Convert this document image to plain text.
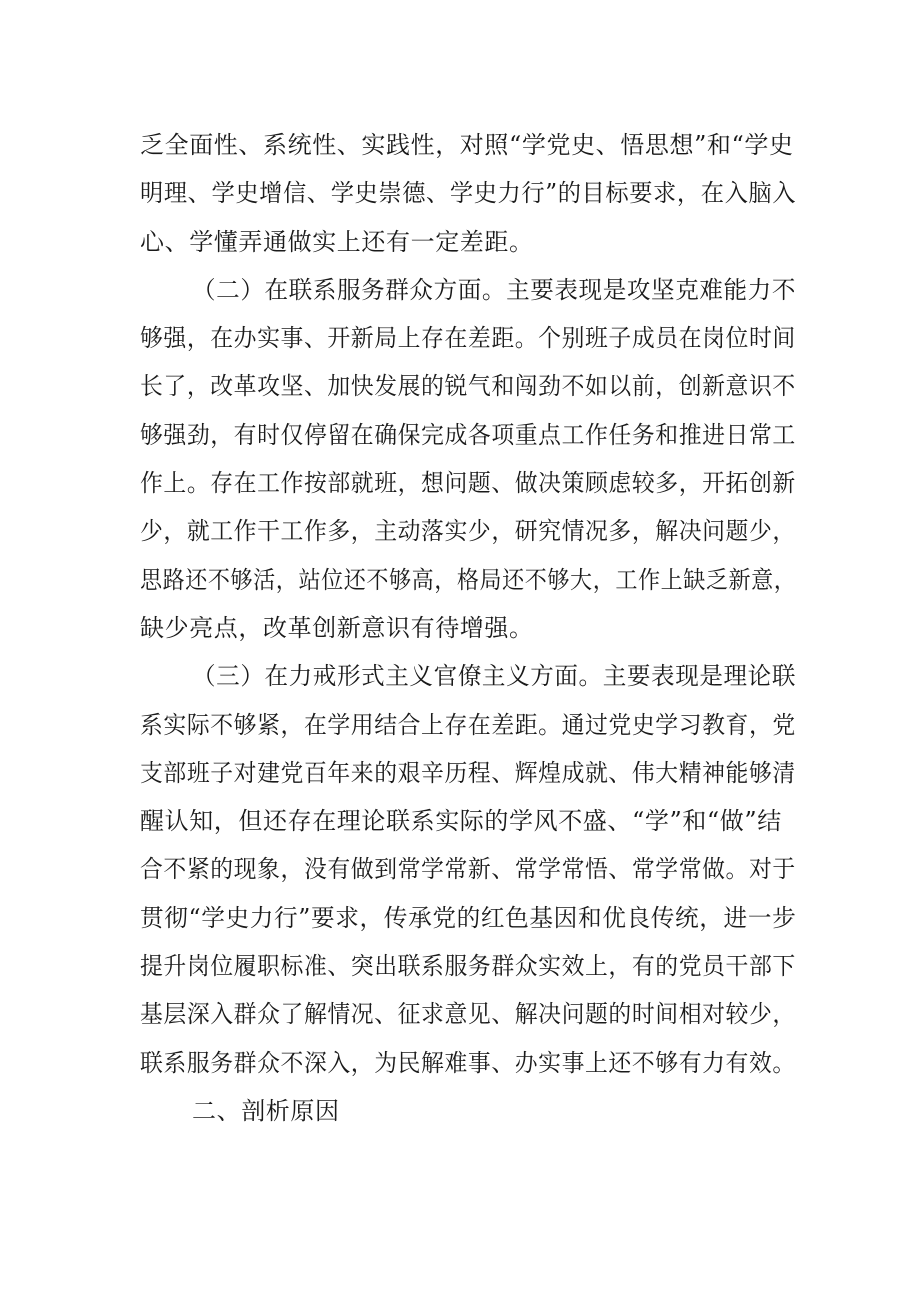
乏全面性、系统性、实践性，对照“学党史、悟思想”和“学史
明理、学史增信、学史崇德、学史力行”的目标要求，在入脑入
心、学懂弄通做实上还有一定差距。
（二）在联系服务群众方面。主要表现是攻坚克难能力不
够强，在办实事、开新局上存在差距。个别班子成员在岗位时间
长了，改革攻坚、加快发展的锐气和闯劲不如以前，创新意识不
够强劲，有时仅停留在确保完成各项重点工作任务和推进日常工
作上。存在工作按部就班，想问题、做决策顾虑较多，开拓创新
少，就工作干工作多，主动落实少，研究情况多，解决问题少，
思路还不够活，站位还不够高，格局还不够大，工作上缺乏新意，
缺少亮点，改革创新意识有待增强。
（三）在力戒形式主义官僚主义方面。主要表现是理论联
系实际不够紧，在学用结合上存在差距。通过党史学习教育，党
支部班子对建党百年来的艰辛历程、辉煌成就、伟大精神能够清
醒认知，但还存在理论联系实际的学风不盛、“学”和“做”结
合不紧的现象，没有做到常学常新、常学常悟、常学常做。对于
贯彻“学史力行”要求，传承党的红色基因和优良传统，进一步
提升岗位履职标准、突出联系服务群众实效上，有的党员干部下
基层深入群众了解情况、征求意见、解决问题的时间相对较少，
联系服务群众不深入，为民解难事、办实事上还不够有力有效。
二、剖析原因
